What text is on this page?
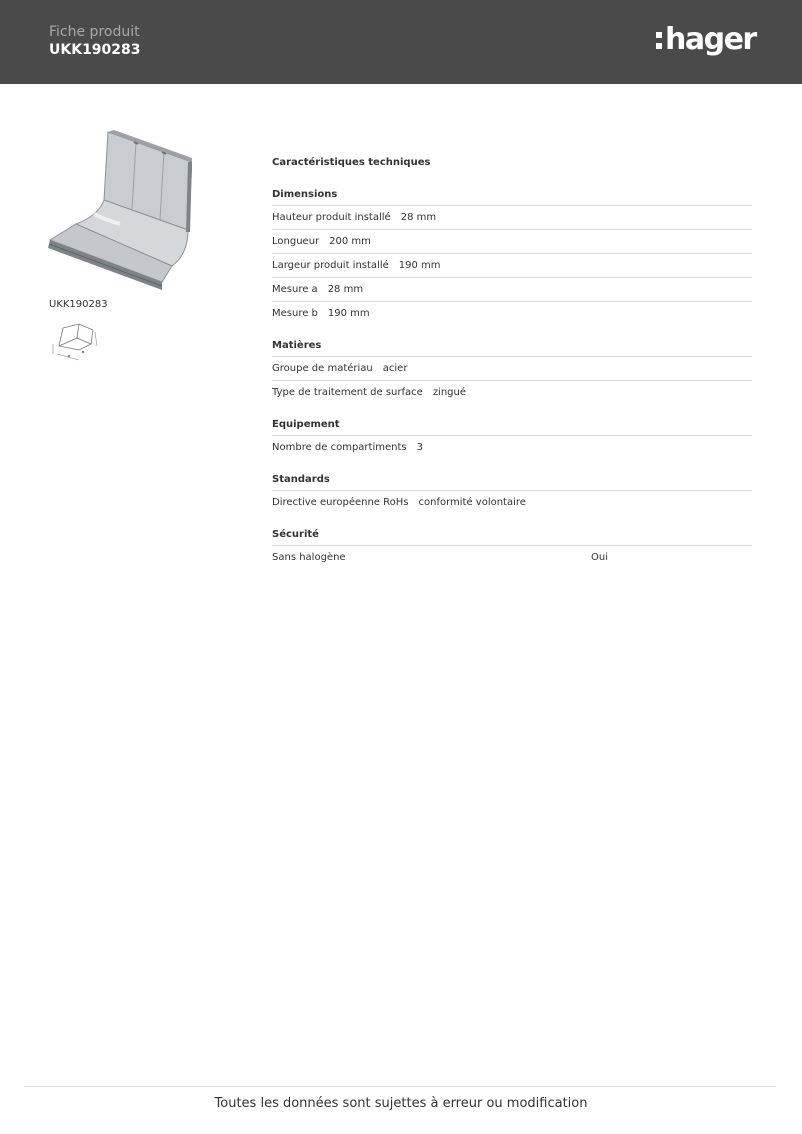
Fiche produit
UKK190283	hager
UKK190283
Caractéristiques techniques
Dimensions
Hauteur produit installé 28 mm
Longueur 200 mm
Largeur produit installé 190 mm
Mesure a 28 mm
Mesure b 190 mm
Matières
Groupe de matériau acier
Type de traitement de surface zingué
Equipement
Nombre de compartiments 3
Standards
Directive européenne RoHs conformité volontaire
Sécurité
Sans halogène	Oui
Toutes les données sont sujettes à erreur ou modification
